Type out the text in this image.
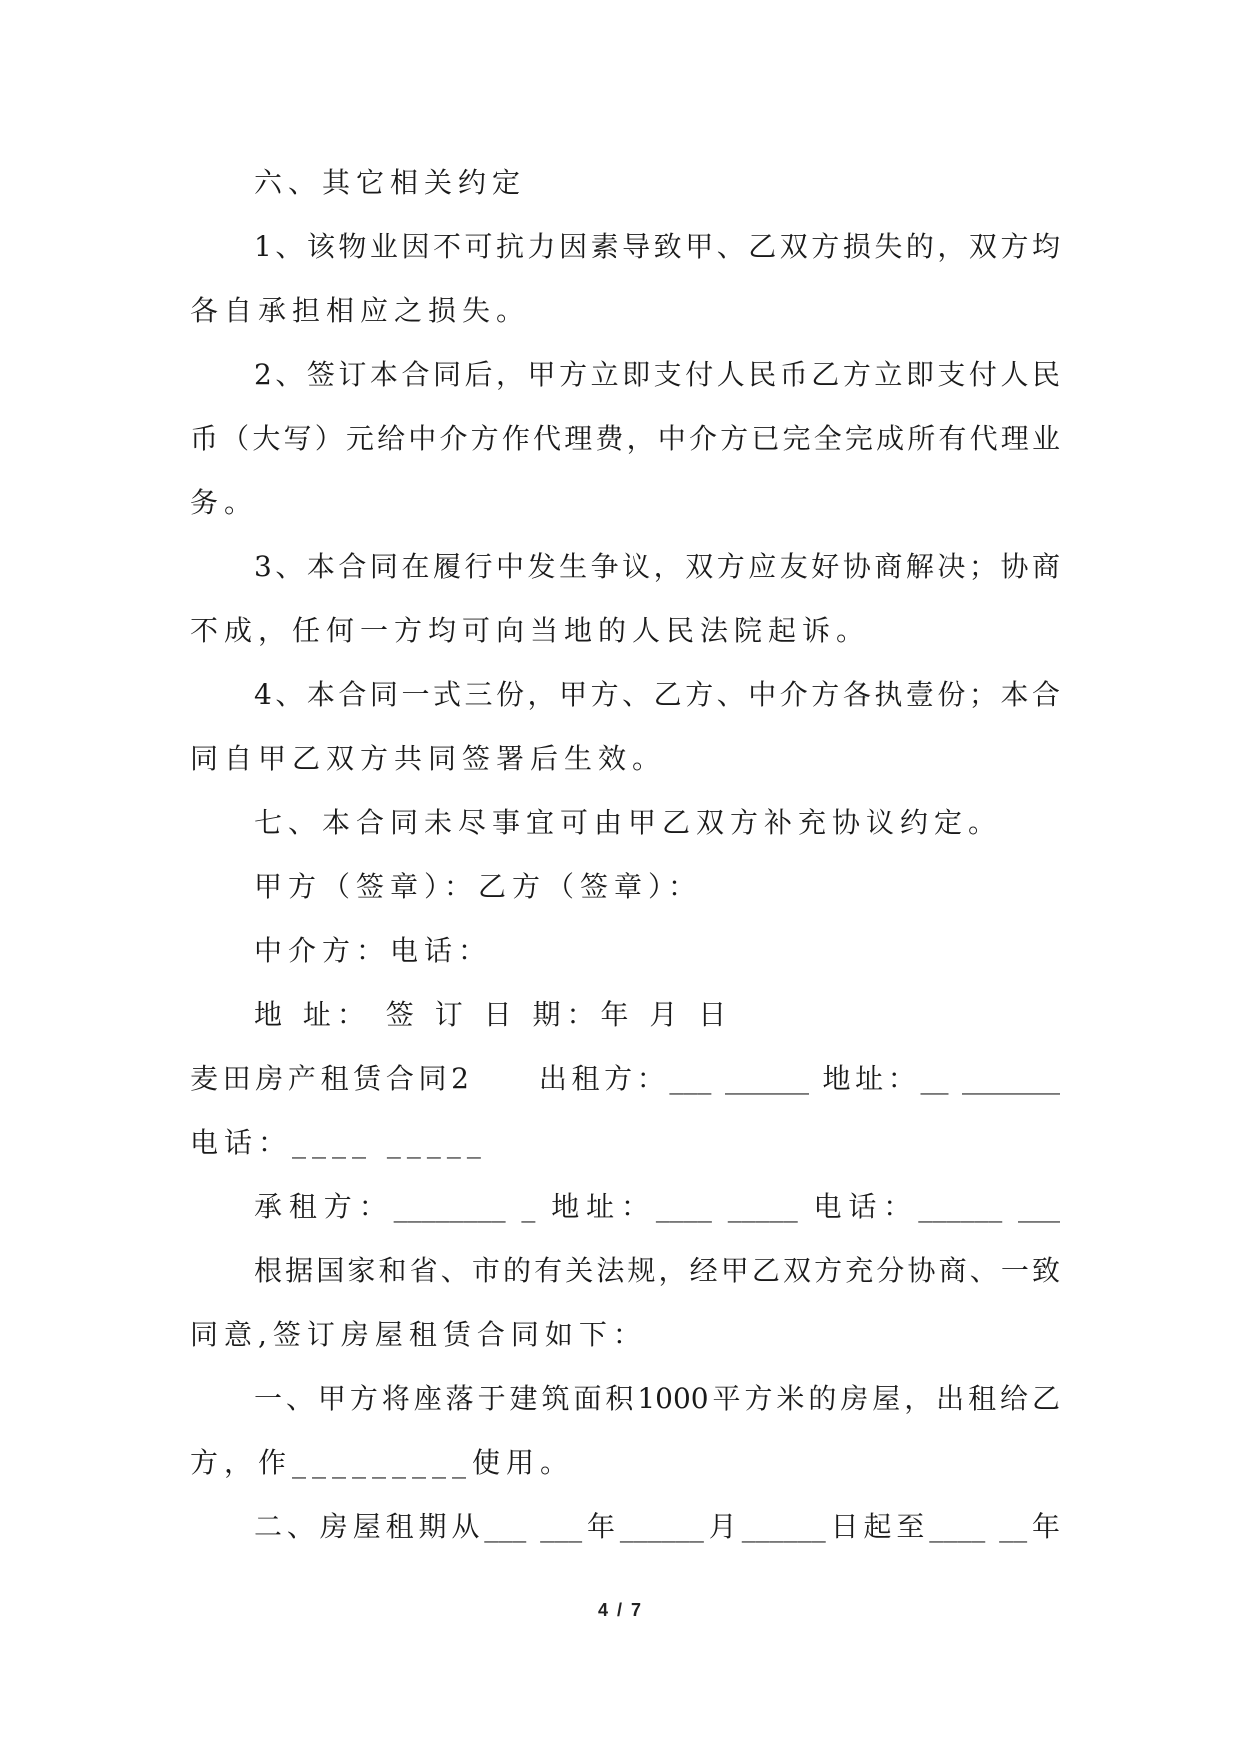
六、其它相关约定
1、该物业因不可抗力因素导致甲、乙双方损失的，双方均
各自承担相应之损失。
2、签订本合同后，甲方立即支付人民币乙方立即支付人民
币（大写）元给中介方作代理费，中介方已完全完成所有代理业
务。
3、本合同在履行中发生争议，双方应友好协商解决；协商
不成，任何一方均可向当地的人民法院起诉。
4、本合同一式三份，甲方、乙方、中介方各执壹份；本合
同自甲乙双方共同签署后生效。
七、本合同未尽事宜可由甲乙双方补充协议约定。
甲方（签章）：乙方（签章）：
中介方：电话：
地 址： 签 订 日 期：年 月 日
麦田房产租赁合同2　　出租方：___ ______ 地址：__ _______
电话：____ _____
承租方：________ _ 地址：____ _____ 电话：______ ___
根据国家和省、市的有关法规，经甲乙双方充分协商、一致
同意,签订房屋租赁合同如下：
一、甲方将座落于建筑面积1000平方米的房屋，出租给乙
方，作_________使用。
二、房屋租期从___ ___年______月______日起至____ __年
4 / 7
